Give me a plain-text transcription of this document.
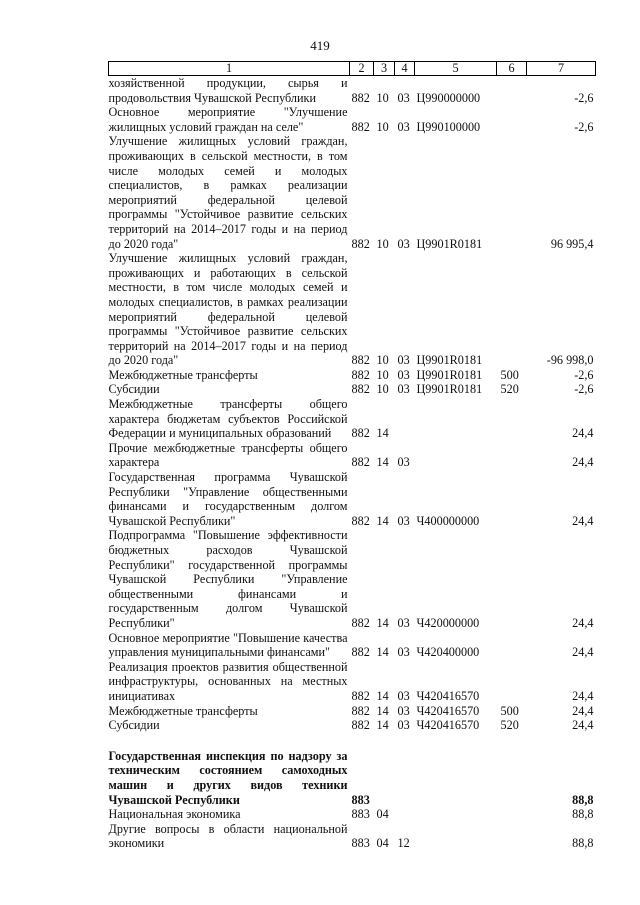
419
1	2	3	4	5	6	7
хозяйственной продукции, сырья и продовольствия Чувашской Республики	882	10	03	Ц990000000		-2,6
Основное мероприятие "Улучшение жилищных условий граждан на селе"	882	10	03	Ц990100000		-2,6
Улучшение жилищных условий граждан, проживающих в сельской местности, в том числе молодых семей и молодых специалистов, в рамках реализации мероприятий федеральной целевой программы "Устойчивое развитие сельских территорий на 2014–2017 годы и на период до 2020 года"	882	10	03	Ц9901R0181		96 995,4
Улучшение жилищных условий граждан, проживающих и работающих в сельской местности, в том числе молодых семей и молодых специалистов, в рамках реализации мероприятий федеральной целевой программы "Устойчивое развитие сельских территорий на 2014–2017 годы и на период до 2020 года"	882	10	03	Ц9901R0181		-96 998,0
Межбюджетные трансферты	882	10	03	Ц9901R0181	500	-2,6
Субсидии	882	10	03	Ц9901R0181	520	-2,6
Межбюджетные трансферты общего характера бюджетам субъектов Российской Федерации и муниципальных образований	882	14				24,4
Прочие межбюджетные трансферты общего характера	882	14	03			24,4
Государственная программа Чувашской Республики "Управление общественными финансами и государственным долгом Чувашской Республики"	882	14	03	Ч400000000		24,4
Подпрограмма "Повышение эффективности бюджетных расходов Чувашской Республики" государственной программы Чувашской Республики "Управление общественными финансами и государственным долгом Чувашской Республики"	882	14	03	Ч420000000		24,4
Основное мероприятие "Повышение качества управления муниципальными финансами"	882	14	03	Ч420400000		24,4
Реализация проектов развития общественной инфраструктуры, основанных на местных инициативах	882	14	03	Ч420416570		24,4
Межбюджетные трансферты	882	14	03	Ч420416570	500	24,4
Субсидии	882	14	03	Ч420416570	520	24,4

Государственная инспекция по надзору за техническим состоянием самоходных машин и других видов техники Чувашской Республики	883					88,8
Национальная экономика	883	04				88,8
Другие вопросы в области национальной экономики	883	04	12			88,8
